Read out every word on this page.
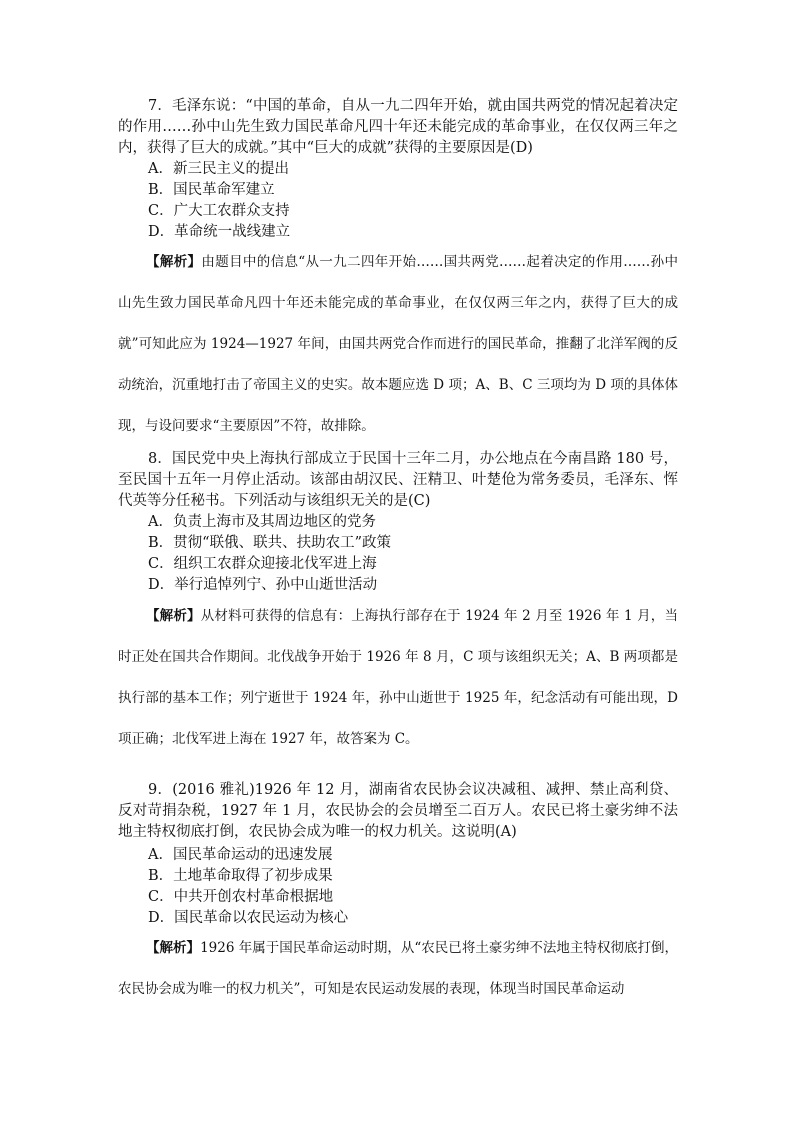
7．毛泽东说：“中国的革命，自从一九二四年开始，就由国共两党的情况起着决定的作用……孙中山先生致力国民革命凡四十年还未能完成的革命事业，在仅仅两三年之内，获得了巨大的成就。”其中“巨大的成就”获得的主要原因是(D)
A．新三民主义的提出
B．国民革命军建立
C．广大工农群众支持
D．革命统一战线建立
【解析】由题目中的信息“从一九二四年开始……国共两党……起着决定的作用……孙中山先生致力国民革命凡四十年还未能完成的革命事业，在仅仅两三年之内，获得了巨大的成就”可知此应为 1924—1927 年间，由国共两党合作而进行的国民革命，推翻了北洋军阀的反动统治，沉重地打击了帝国主义的史实。故本题应选 D 项；A、B、C 三项均为 D 项的具体体现，与设问要求“主要原因”不符，故排除。
8．国民党中央上海执行部成立于民国十三年二月，办公地点在今南昌路 180 号，至民国十五年一月停止活动。该部由胡汉民、汪精卫、叶楚伧为常务委员，毛泽东、恽代英等分任秘书。下列活动与该组织无关的是(C)
A．负责上海市及其周边地区的党务
B．贯彻“联俄、联共、扶助农工”政策
C．组织工农群众迎接北伐军进上海
D．举行追悼列宁、孙中山逝世活动
【解析】从材料可获得的信息有：上海执行部存在于 1924 年 2 月至 1926 年 1 月，当时正处在国共合作期间。北伐战争开始于 1926 年 8 月，C 项与该组织无关；A、B 两项都是执行部的基本工作；列宁逝世于 1924 年，孙中山逝世于 1925 年，纪念活动有可能出现，D 项正确；北伐军进上海在 1927 年，故答案为 C。
9．(2016 雅礼)1926 年 12 月，湖南省农民协会议决减租、减押、禁止高利贷、反对苛捐杂税，1927 年 1 月，农民协会的会员增至二百万人。农民已将土豪劣绅不法地主特权彻底打倒，农民协会成为唯一的权力机关。这说明(A)
A．国民革命运动的迅速发展
B．土地革命取得了初步成果
C．中共开创农村革命根据地
D．国民革命以农民运动为核心
【解析】1926 年属于国民革命运动时期，从“农民已将土豪劣绅不法地主特权彻底打倒，农民协会成为唯一的权力机关”，可知是农民运动发展的表现，体现当时国民革命运动
